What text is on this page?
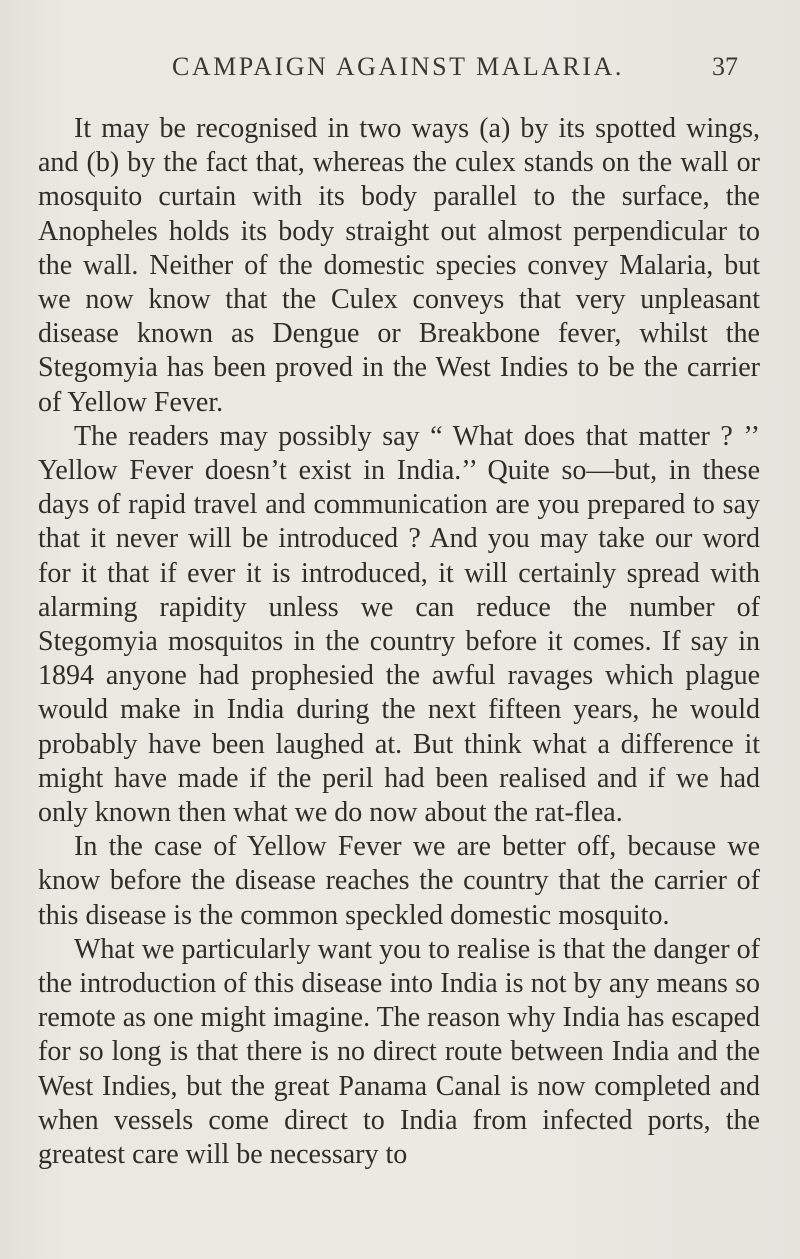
CAMPAIGN AGAINST MALARIA.	37

It may be recognised in two ways (a) by its spotted wings, and (b) by the fact that, whereas the culex stands on the wall or mosquito curtain with its body parallel to the surface, the Anopheles holds its body straight out almost perpendicular to the wall. Neither of the domestic species convey Malaria, but we now know that the Culex conveys that very unpleasant disease known as Dengue or Breakbone fever, whilst the Stegomyia has been proved in the West Indies to be the carrier of Yellow Fever.

The readers may possibly say “ What does that matter ? ’’ Yellow Fever doesn’t exist in India.’’ Quite so—but, in these days of rapid travel and communication are you prepared to say that it never will be introduced ? And you may take our word for it that if ever it is introduced, it will certainly spread with alarming rapidity unless we can reduce the number of Stegomyia mosquitos in the country before it comes. If say in 1894 anyone had prophesied the awful ravages which plague would make in India during the next fifteen years, he would probably have been laughed at. But think what a difference it might have made if the peril had been realised and if we had only known then what we do now about the rat-flea.

In the case of Yellow Fever we are better off, because we know before the disease reaches the country that the carrier of this disease is the common speckled domestic mosquito.

What we particularly want you to realise is that the danger of the introduction of this disease into India is not by any means so remote as one might imagine. The reason why India has escaped for so long is that there is no direct route between India and the West Indies, but the great Panama Canal is now completed and when vessels come direct to India from infected ports, the greatest care will be necessary to
